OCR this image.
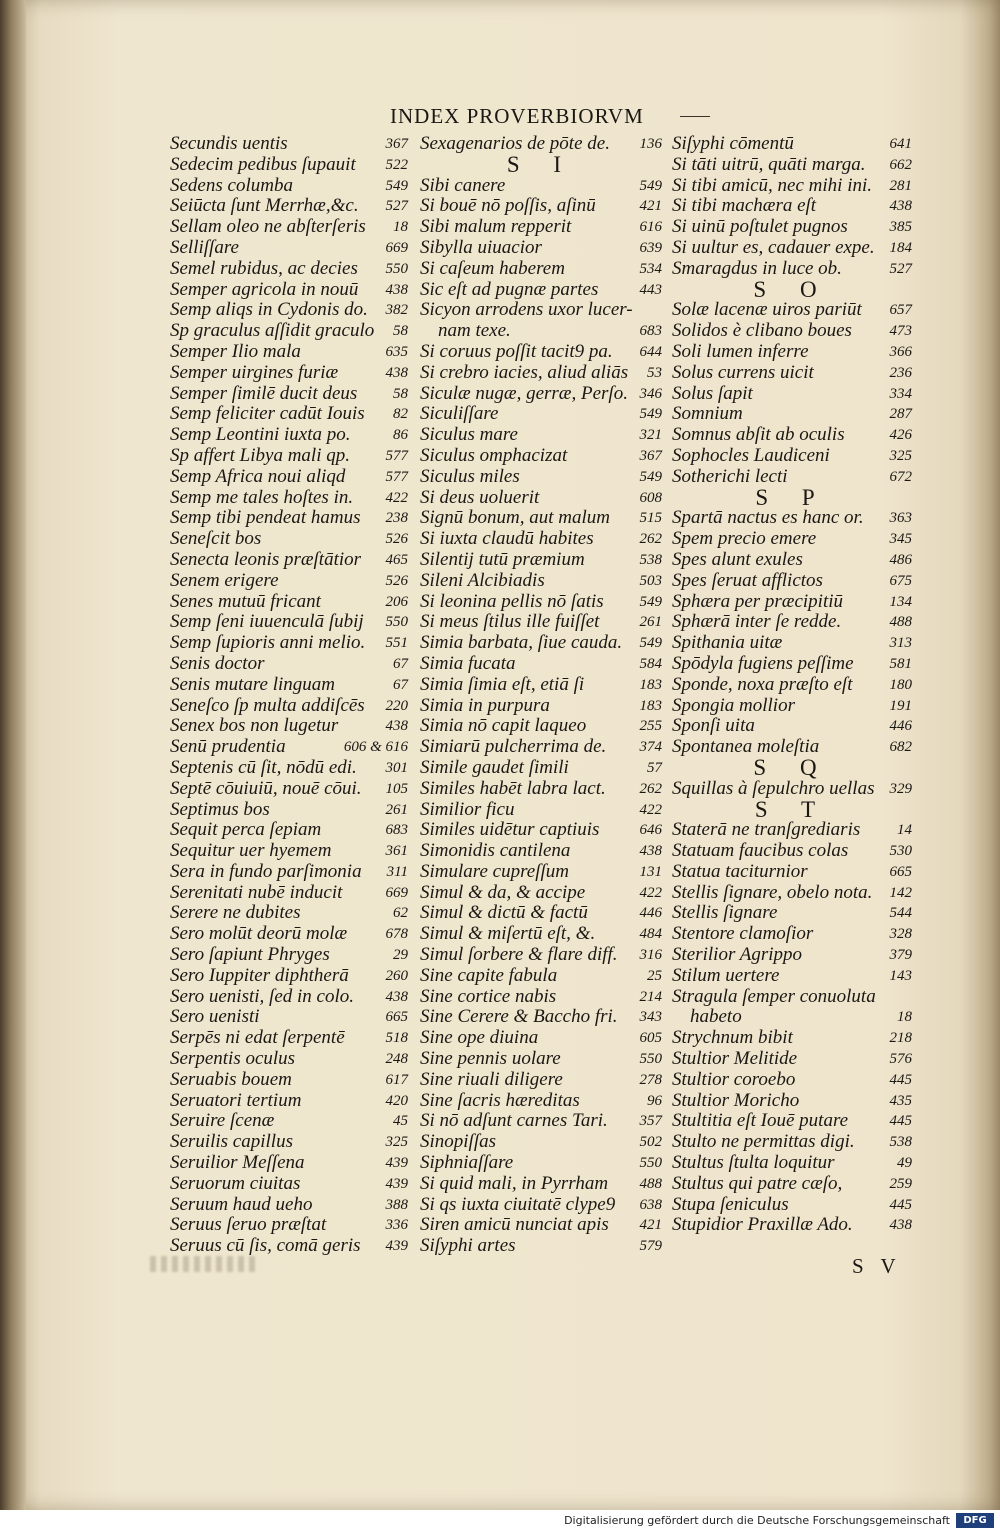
INDEX PROVERBIORVM
Secundis uentis	367
Sedecim pedibus ſupauit 522
Sedens columba	549
Seiūcta ſunt Merrhæ,&c. 527
Sellam oleo ne abſterſeris 18
Selliſſare	669
Semel rubidus, ac decies 550
Semper agricola in nouū 438
Semp aliqs in Cydonis do. 382
Sp graculus aſſidit graculo 58
Semper Ilio mala	635
Semper uirgines furiæ	438
Semper ſimilē ducit deus 58
Semp feliciter cadūt Iouis 82
Semp Leontini iuxta po.	86
Sp affert Libya mali qp. 577
Semp Africa noui aliqd	577
Semp me tales hoſtes in. 422
Semp tibi pendeat hamus 238
Seneſcit bos	526
Senecta leonis præſtātior 465
Senem erigere	526
Senes mutuū fricant	206
Semp ſeni iuuenculā ſubij 550
Semp ſupioris anni melio. 551
Senis doctor	67
Senis mutare linguam	67
Seneſco ſp multa addiſcēs 220
Senex bos non lugetur	438
Senū prudentia	606 & 616
Septenis cū ſit, nōdū edi. 301
Septē cōuiuiū, nouē cōui. 105
Septimus bos	261
Sequit perca ſepiam	683
Sequitur uer hyemem	361
Sera in fundo parſimonia 311
Serenitati nubē inducit	669
Serere ne dubites	62
Sero molūt deorū molæ	678
Sero ſapiunt Phryges	29
Sero Iuppiter diphtherā 260
Sero uenisti, ſed in colo. 438
Sero uenisti	665
Serpēs ni edat ſerpentē	518
Serpentis oculus	248
Seruabis bouem	617
Seruatori tertium	420
Seruire ſcenæ	45
Seruilis capillus	325
Seruilior Meſſena	439
Seruorum ciuitas	439
Seruum haud ueho	388
Seruus ſeruo præſtat	336
Seruus cū ſis, comā geris 439
Sexagenarios de pōte de. 136
S I
Sibi canere	549
Si bouē nō poſſis, aſinū	421
Sibi malum repperit	616
Sibylla uiuacior	639
Si caſeum haberem	534
Sic eſt ad pugnæ partes	443
Sicyon arrodens uxor lucer-
nam texe.	683
Si coruus poſſit tacit9 pa. 644
Si crebro iacies, aliud aliās 53
Siculæ nugæ, gerræ, Perſo. 346
Siculiſſare	549
Siculus mare	321
Siculus omphacizat	367
Siculus miles	549
Si deus uoluerit	608
Signū bonum, aut malum 515
Si iuxta claudū habites	262
Silentij tutū præmium	538
Sileni Alcibiadis	503
Si leonina pellis nō ſatis 549
Si meus ſtilus ille fuiſſet	261
Simia barbata, ſiue cauda. 549
Simia fucata	584
Simia ſimia eſt, etiā ſi	183
Simia in purpura	183
Simia nō capit laqueo	255
Simiarū pulcherrima de. 374
Simile gaudet ſimili	57
Similes habēt labra lact. 262
Similior ficu	422
Similes uidētur captiuis	646
Simonidis cantilena	438
Simulare cupreſſum	131
Simul & da, & accipe	422
Simul & dictū & factū	446
Simul & miſertū eſt, &.	484
Simul ſorbere & flare diff. 316
Sine capite fabula	25
Sine cortice nabis	214
Sine Cerere & Baccho fri. 343
Sine ope diuina	605
Sine pennis uolare	550
Sine riuali diligere	278
Sine ſacris hæreditas	96
Si nō adſunt carnes Tari. 357
Sinopiſſas	502
Siphniaſſare	550
Si quid mali, in Pyrrham 488
Si qs iuxta ciuitatē clype9 638
Siren amicū nunciat apis 421
Siſyphi artes	579
Siſyphi cōmentū	641
Si tāti uitrū, quāti marga. 662
Si tibi amicū, nec mihi ini. 281
Si tibi machæra eſt	438
Si uinū poſtulet pugnos	385
Si uultur es, cadauer expe. 184
Smaragdus in luce ob.	527
S O
Solæ lacenæ uiros pariūt 657
Solidos è clibano boues	473
Soli lumen inferre	366
Solus currens uicit	236
Solus ſapit	334
Somnium	287
Somnus abſit ab oculis	426
Sophocles Laudiceni	325
Sotherichi lecti	672
S P
Spartā nactus es hanc or. 363
Spem precio emere	345
Spes alunt exules	486
Spes ſeruat afflictos	675
Sphæra per præcipitiū	134
Sphærā inter ſe redde.	488
Spithania uitæ	313
Spōdyla fugiens peſſime 581
Sponde, noxa præſto eſt 180
Spongia mollior	191
Sponſi uita	446
Spontanea moleſtia	682
S Q
Squillas à ſepulchro uellas 329
S T
Staterā ne tranſgrediaris 14
Statuam faucibus colas	530
Statua taciturnior	665
Stellis ſignare, obelo nota. 142
Stellis ſignare	544
Stentore clamoſior	328
Sterilior Agrippo	379
Stilum uertere	143
Stragula ſemper conuoluta
habeto	18
Strychnum bibit	218
Stultior Melitide	576
Stultior coroebo	445
Stultior Moricho	435
Stultitia eſt Iouē putare	445
Stulto ne permittas digi. 538
Stultus ſtulta loquitur	49
Stultus qui patre cæſo,	259
Stupa ſeniculus	445
Stupidior Praxillæ Ado. 438
S V
Digitalisierung gefördert durch die Deutsche Forschungsgemeinschaft	DFG
